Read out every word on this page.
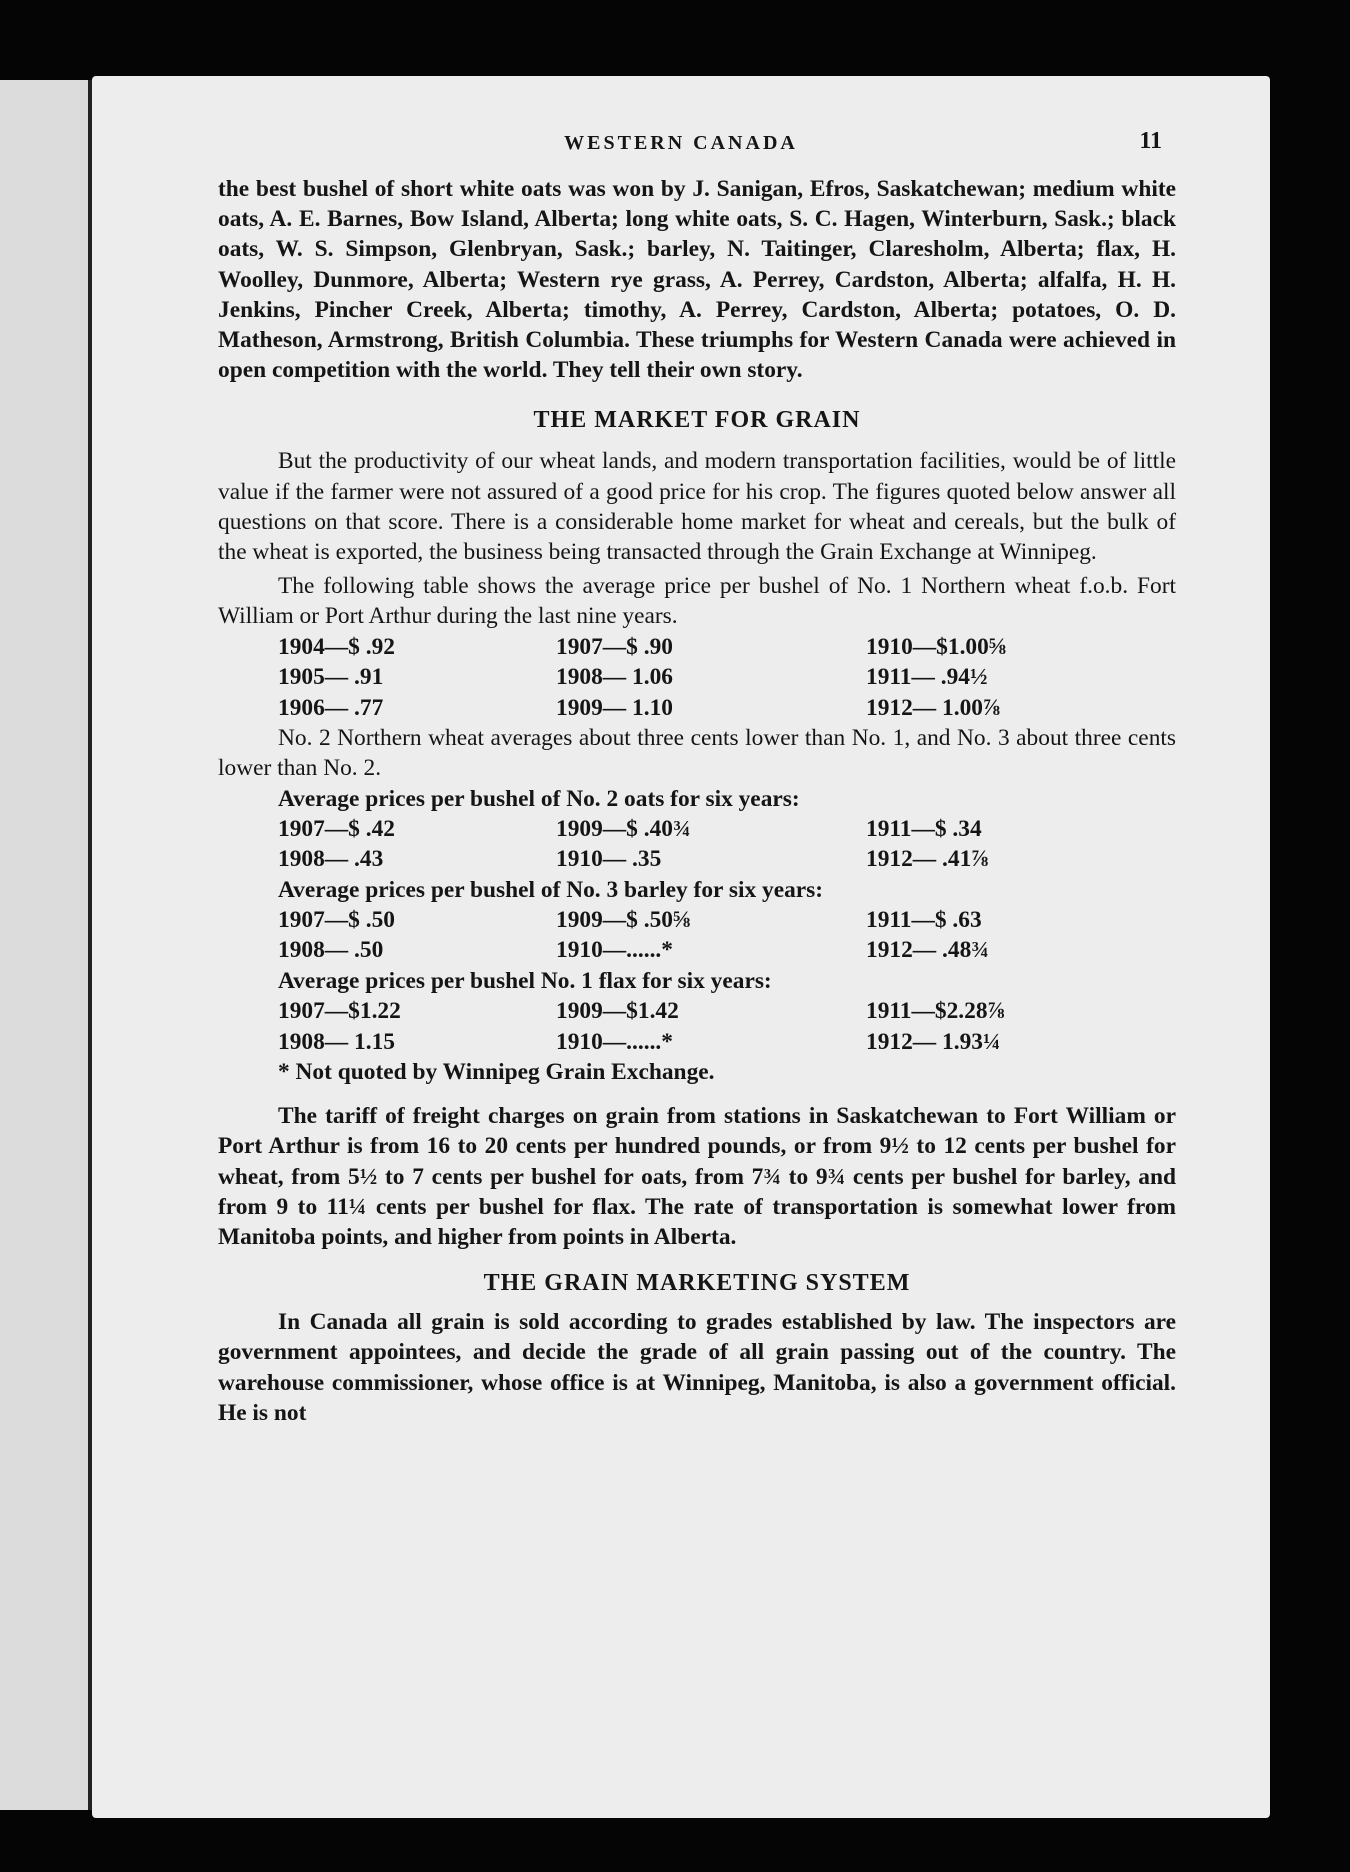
WESTERN CANADA	11

the best bushel of short white oats was won by J. Sanigan, Efros, Saskatchewan; medium white oats, A. E. Barnes, Bow Island, Alberta; long white oats, S. C. Hagen, Winterburn, Sask.; black oats, W. S. Simpson, Glenbryan, Sask.; barley, N. Taitinger, Claresholm, Alberta; flax, H. Woolley, Dunmore, Alberta; Western rye grass, A. Perrey, Cardston, Alberta; alfalfa, H. H. Jenkins, Pincher Creek, Alberta; timothy, A. Perrey, Cardston, Alberta; potatoes, O. D. Matheson, Armstrong, British Columbia. These triumphs for Western Canada were achieved in open competition with the world. They tell their own story.

THE MARKET FOR GRAIN

But the productivity of our wheat lands, and modern transportation facilities, would be of little value if the farmer were not assured of a good price for his crop. The figures quoted below answer all questions on that score. There is a considerable home market for wheat and cereals, but the bulk of the wheat is exported, the business being transacted through the Grain Exchange at Winnipeg.

The following table shows the average price per bushel of No. 1 Northern wheat f.o.b. Fort William or Port Arthur during the last nine years.

1904—$ .92	1907—$ .90	1910—$1.00⅝
1905— .91	1908— 1.06	1911— .94½
1906— .77	1909— 1.10	1912— 1.00⅞

No. 2 Northern wheat averages about three cents lower than No. 1, and No. 3 about three cents lower than No. 2.

Average prices per bushel of No. 2 oats for six years:
1907—$ .42	1909—$ .40¾	1911—$ .34
1908— .43	1910— .35	1912— .41⅞
Average prices per bushel of No. 3 barley for six years:
1907—$ .50	1909—$ .50⅝	1911—$ .63
1908— .50	1910—......*	1912— .48¾
Average prices per bushel No. 1 flax for six years:
1907—$1.22	1909—$1.42	1911—$2.28⅞
1908— 1.15	1910—......*	1912— 1.93¼
* Not quoted by Winnipeg Grain Exchange.

The tariff of freight charges on grain from stations in Saskatchewan to Fort William or Port Arthur is from 16 to 20 cents per hundred pounds, or from 9½ to 12 cents per bushel for wheat, from 5½ to 7 cents per bushel for oats, from 7¾ to 9¾ cents per bushel for barley, and from 9 to 11¼ cents per bushel for flax. The rate of transportation is somewhat lower from Manitoba points, and higher from points in Alberta.

THE GRAIN MARKETING SYSTEM

In Canada all grain is sold according to grades established by law. The inspectors are government appointees, and decide the grade of all grain passing out of the country. The warehouse commissioner, whose office is at Winnipeg, Manitoba, is also a government official. He is not
